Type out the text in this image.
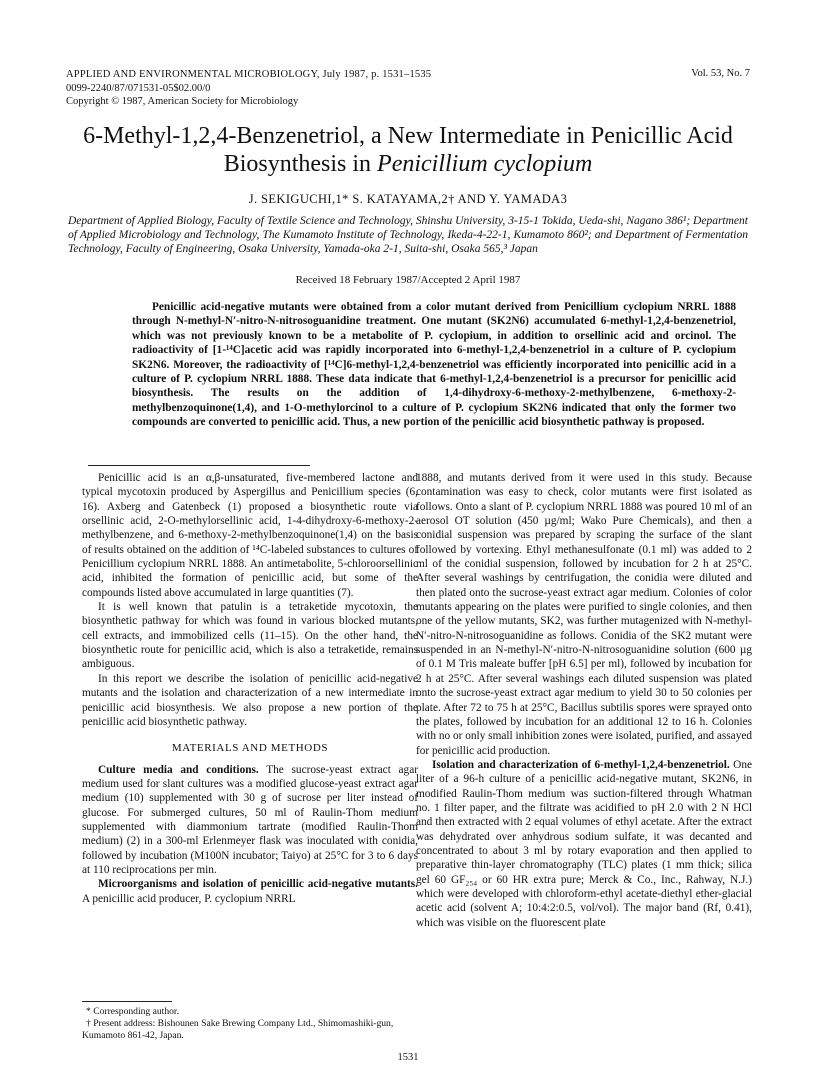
APPLIED AND ENVIRONMENTAL MICROBIOLOGY, July 1987, p. 1531–1535
0099-2240/87/071531-05$02.00/0
Copyright © 1987, American Society for Microbiology
Vol. 53, No. 7
6-Methyl-1,2,4-Benzenetriol, a New Intermediate in Penicillic Acid
Biosynthesis in Penicillium cyclopium
J. SEKIGUCHI,1* S. KATAYAMA,2† AND Y. YAMADA3
Department of Applied Biology, Faculty of Textile Science and Technology, Shinshu University, 3-15-1 Tokida, Ueda-shi, Nagano 386¹; Department of Applied Microbiology and Technology, The Kumamoto Institute of Technology, Ikeda-4-22-1, Kumamoto 860²; and Department of Fermentation Technology, Faculty of Engineering, Osaka University, Yamada-oka 2-1, Suita-shi, Osaka 565,³ Japan
Received 18 February 1987/Accepted 2 April 1987
Penicillic acid-negative mutants were obtained from a color mutant derived from Penicillium cyclopium NRRL 1888 through N-methyl-N′-nitro-N-nitrosoguanidine treatment. One mutant (SK2N6) accumulated 6-methyl-1,2,4-benzenetriol, which was not previously known to be a metabolite of P. cyclopium, in addition to orsellinic acid and orcinol. The radioactivity of [1-¹⁴C]acetic acid was rapidly incorporated into 6-methyl-1,2,4-benzenetriol in a culture of P. cyclopium SK2N6. Moreover, the radioactivity of [¹⁴C]6-methyl-1,2,4-benzenetriol was efficiently incorporated into penicillic acid in a culture of P. cyclopium NRRL 1888. These data indicate that 6-methyl-1,2,4-benzenetriol is a precursor for penicillic acid biosynthesis. The results on the addition of 1,4-dihydroxy-6-methoxy-2-methylbenzene, 6-methoxy-2-methylbenzoquinone(1,4), and 1-O-methylorcinol to a culture of P. cyclopium SK2N6 indicated that only the former two compounds are converted to penicillic acid. Thus, a new portion of the penicillic acid biosynthetic pathway is proposed.

Penicillic acid is an α,β-unsaturated, five-membered lactone and typical mycotoxin produced by Aspergillus and Penicillium species (6, 16). Axberg and Gatenbeck (1) proposed a biosynthetic route via orsellinic acid, 2-O-methylorsellinic acid, 1-4-dihydroxy-6-methoxy-2-methylbenzene, and 6-methoxy-2-methylbenzoquinone(1,4) on the basis of results obtained on the addition of ¹⁴C-labeled substances to cultures of Penicillium cyclopium NRRL 1888. An antimetabolite, 5-chloroorsellinic acid, inhibited the formation of penicillic acid, but some of the compounds listed above accumulated in large quantities (7).

It is well known that patulin is a tetraketide mycotoxin, the biosynthetic pathway for which was found in various blocked mutants, cell extracts, and immobilized cells (11–15). On the other hand, the biosynthetic route for penicillic acid, which is also a tetraketide, remains ambiguous.

In this report we describe the isolation of penicillic acid-negative mutants and the isolation and characterization of a new intermediate in penicillic acid biosynthesis. We also propose a new portion of the penicillic acid biosynthetic pathway.

MATERIALS AND METHODS

Culture media and conditions. The sucrose-yeast extract agar medium used for slant cultures was a modified glucose-yeast extract agar medium (10) supplemented with 30 g of sucrose per liter instead of glucose. For submerged cultures, 50 ml of Raulin-Thom medium supplemented with diammonium tartrate (modified Raulin-Thom medium) (2) in a 300-ml Erlenmeyer flask was inoculated with conidia, followed by incubation (M100N incubator; Taiyo) at 25°C for 3 to 6 days at 110 reciprocations per min.

Microorganisms and isolation of penicillic acid-negative mutants. A penicillic acid producer, P. cyclopium NRRL

1888, and mutants derived from it were used in this study. Because contamination was easy to check, color mutants were first isolated as follows. Onto a slant of P. cyclopium NRRL 1888 was poured 10 ml of an aerosol OT solution (450 µg/ml; Wako Pure Chemicals), and then a conidial suspension was prepared by scraping the surface of the slant followed by vortexing. Ethyl methanesulfonate (0.1 ml) was added to 2 ml of the conidial suspension, followed by incubation for 2 h at 25°C. After several washings by centrifugation, the conidia were diluted and then plated onto the sucrose-yeast extract agar medium. Colonies of color mutants appearing on the plates were purified to single colonies, and then one of the yellow mutants, SK2, was further mutagenized with N-methyl-N′-nitro-N-nitrosoguanidine as follows. Conidia of the SK2 mutant were suspended in an N-methyl-N′-nitro-N-nitrosoguanidine solution (600 µg of 0.1 M Tris maleate buffer [pH 6.5] per ml), followed by incubation for 2 h at 25°C. After several washings each diluted suspension was plated onto the sucrose-yeast extract agar medium to yield 30 to 50 colonies per plate. After 72 to 75 h at 25°C, Bacillus subtilis spores were sprayed onto the plates, followed by incubation for an additional 12 to 16 h. Colonies with no or only small inhibition zones were isolated, purified, and assayed for penicillic acid production.

Isolation and characterization of 6-methyl-1,2,4-benzenetriol. One liter of a 96-h culture of a penicillic acid-negative mutant, SK2N6, in modified Raulin-Thom medium was suction-filtered through Whatman no. 1 filter paper, and the filtrate was acidified to pH 2.0 with 2 N HCl and then extracted with 2 equal volumes of ethyl acetate. After the extract was dehydrated over anhydrous sodium sulfate, it was decanted and concentrated to about 3 ml by rotary evaporation and then applied to preparative thin-layer chromatography (TLC) plates (1 mm thick; silica gel 60 GF₂₅₄ or 60 HR extra pure; Merck & Co., Inc., Rahway, N.J.) which were developed with chloroform-ethyl acetate-diethyl ether-glacial acetic acid (solvent A; 10:4:2:0.5, vol/vol). The major band (Rf, 0.41), which was visible on the fluorescent plate

* Corresponding author.
† Present address: Bishounen Sake Brewing Company Ltd., Shimomashiki-gun, Kumamoto 861-42, Japan.
1531
